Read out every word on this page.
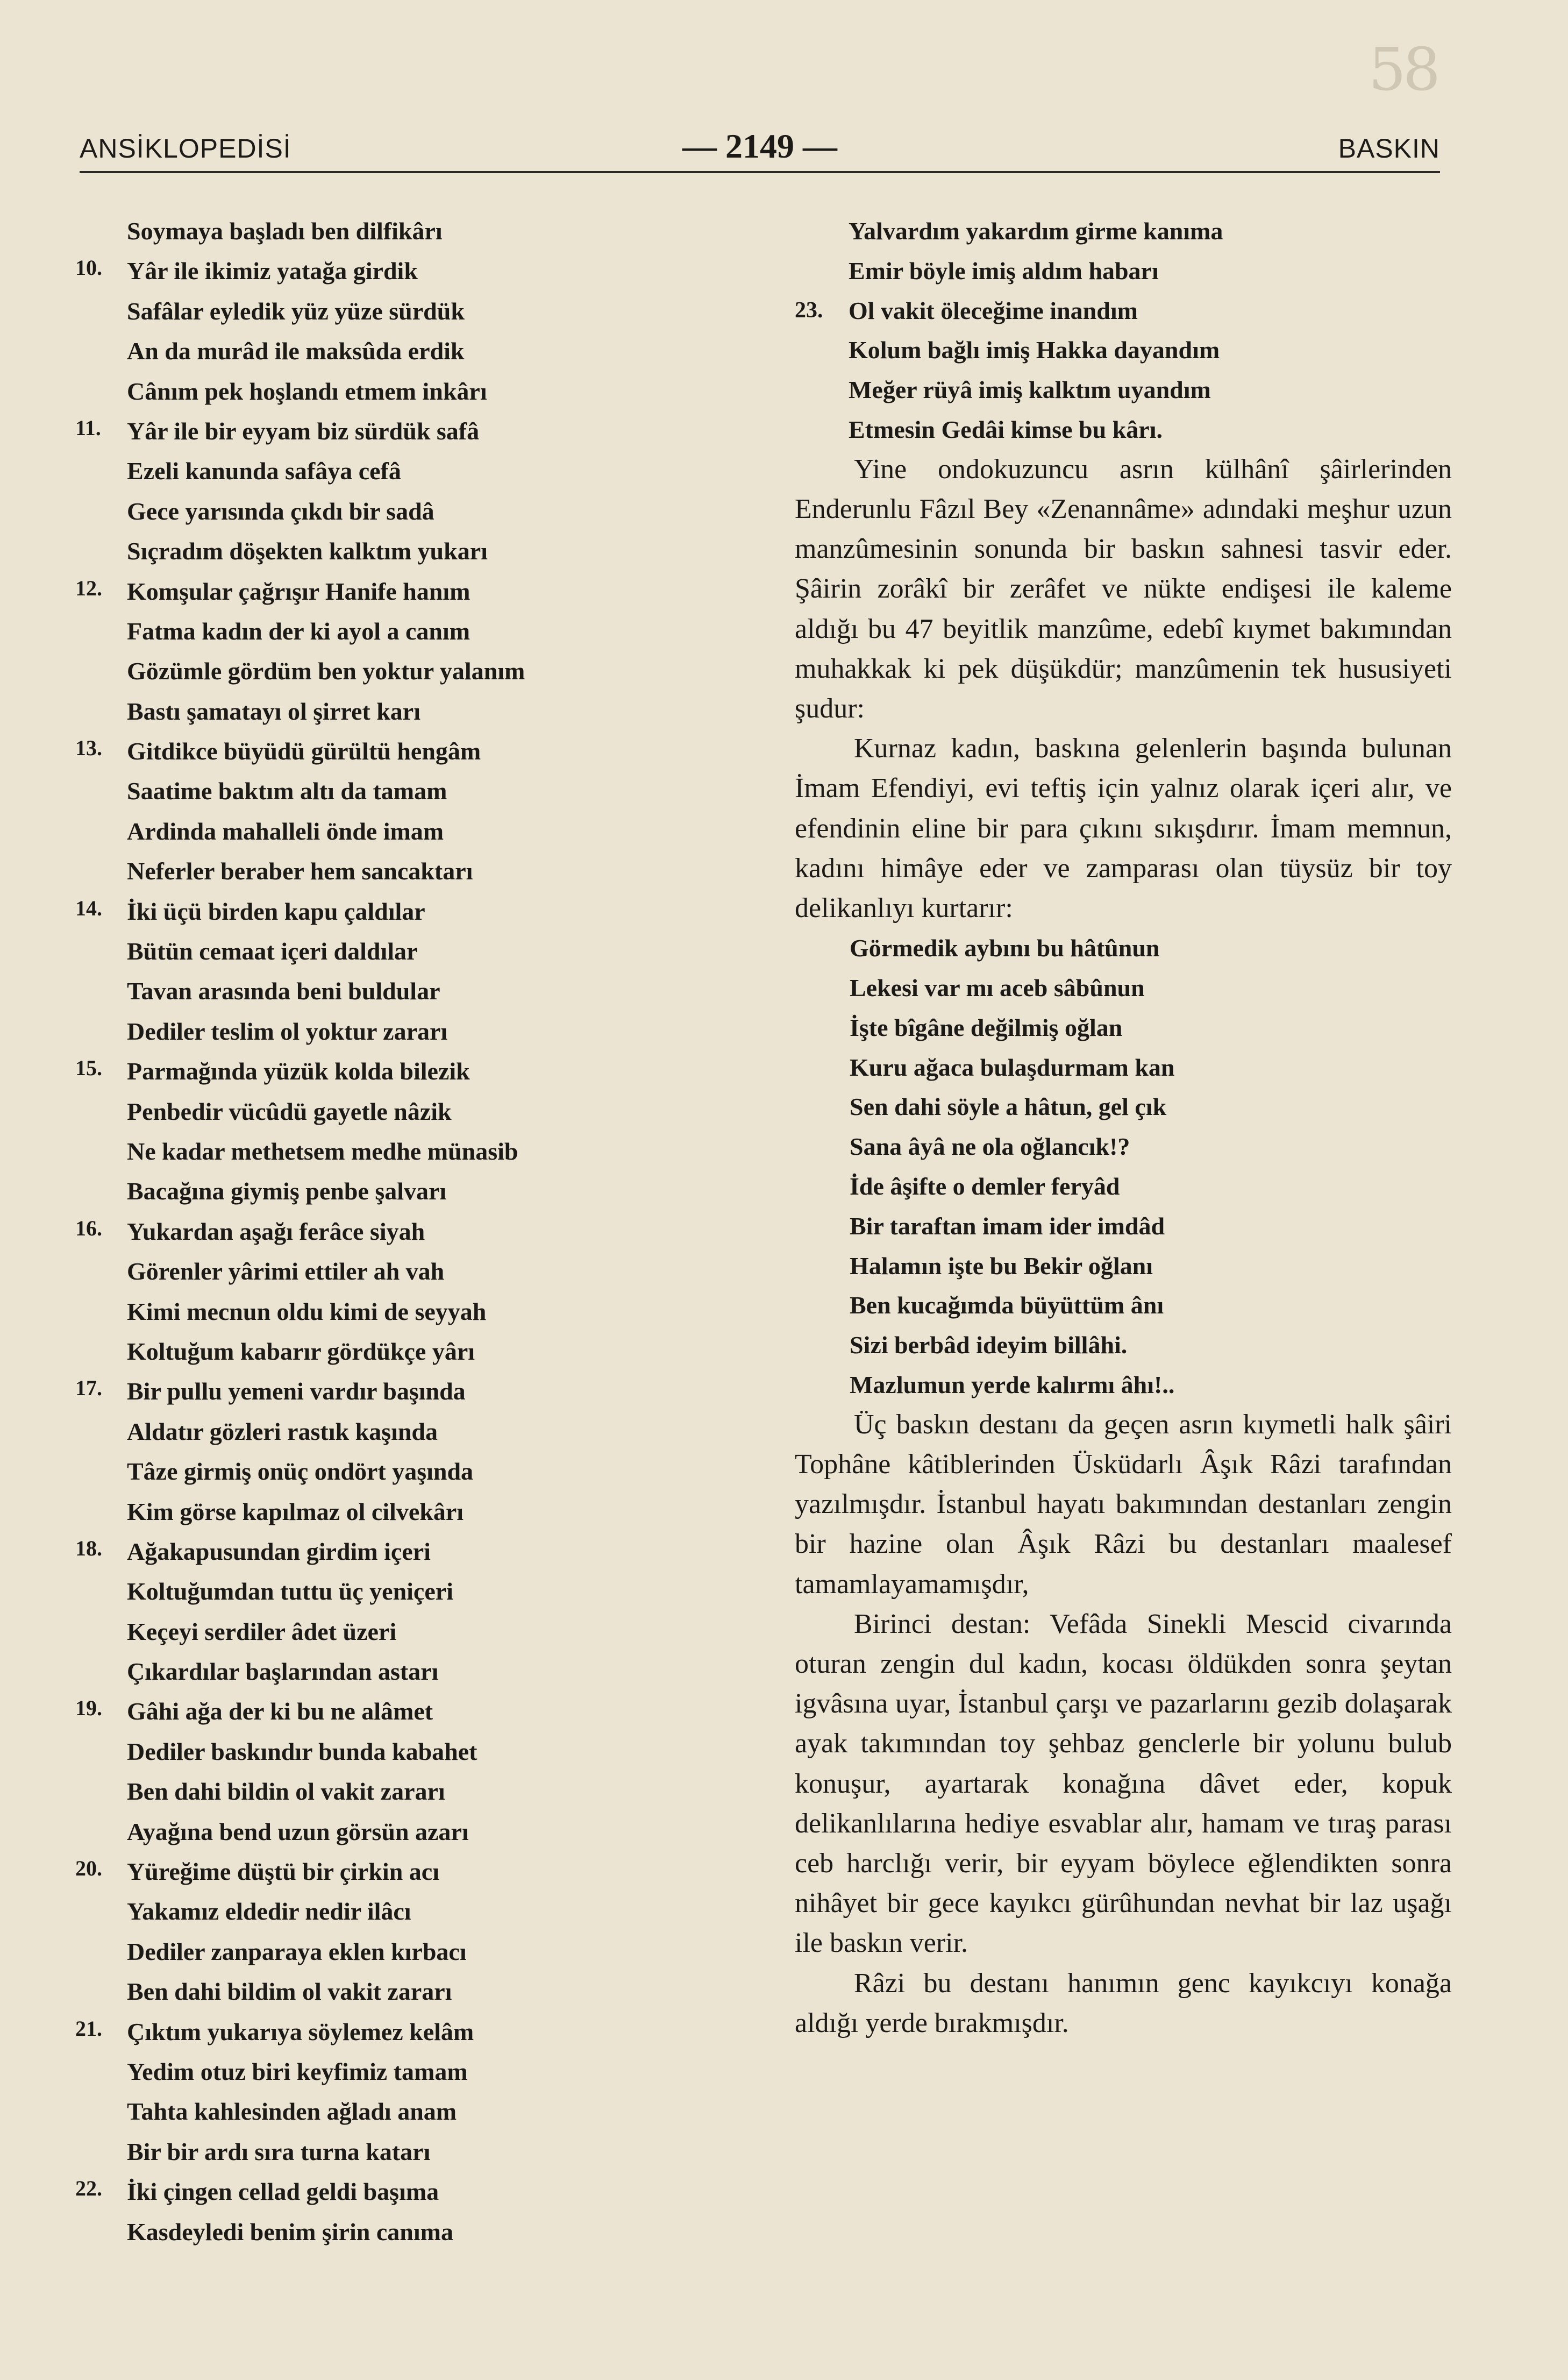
58
ANSİKLOPEDİSİ	— 2149 —	BASKIN
Soymaya başladı ben dilfikârı
10. Yâr ile ikimiz yatağa girdik
Safâlar eyledik yüz yüze sürdük
An da murâd ile maksûda erdik
Cânım pek hoşlandı etmem inkârı
11. Yâr ile bir eyyam biz sürdük safâ
Ezeli kanunda safâya cefâ
Gece yarısında çıkdı bir sadâ
Sıçradım döşekten kalktım yukarı
12. Komşular çağrışır Hanife hanım
Fatma kadın der ki ayol a canım
Gözümle gördüm ben yoktur yalanım
Bastı şamatayı ol şirret karı
13. Gitdikce büyüdü gürültü hengâm
Saatime baktım altı da tamam
Ardinda mahalleli önde imam
Neferler beraber hem sancaktarı
14. İki üçü birden kapu çaldılar
Bütün cemaat içeri daldılar
Tavan arasında beni buldular
Dediler teslim ol yoktur zararı
15. Parmağında yüzük kolda bilezik
Penbedir vücûdü gayetle nâzik
Ne kadar methetsem medhe münasib
Bacağına giymiş penbe şalvarı
16. Yukardan aşağı ferâce siyah
Görenler yârimi ettiler ah vah
Kimi mecnun oldu kimi de seyyah
Koltuğum kabarır gördükçe yârı
17. Bir pullu yemeni vardır başında
Aldatır gözleri rastık kaşında
Tâze girmiş onüç ondört yaşında
Kim görse kapılmaz ol cilvekârı
18. Ağakapusundan girdim içeri
Koltuğumdan tuttu üç yeniçeri
Keçeyi serdiler âdet üzeri
Çıkardılar başlarından astarı
19. Gâhi ağa der ki bu ne alâmet
Dediler baskındır bunda kabahet
Ben dahi bildin ol vakit zararı
Ayağına bend uzun görsün azarı
20. Yüreğime düştü bir çirkin acı
Yakamız eldedir nedir ilâcı
Dediler zanparaya eklen kırbacı
Ben dahi bildim ol vakit zararı
21. Çıktım yukarıya söylemez kelâm
Yedim otuz biri keyfimiz tamam
Tahta kahlesinden ağladı anam
Bir bir ardı sıra turna katarı
22. İki çingen cellad geldi başıma
Kasdeyledi benim şirin canıma
Yalvardım yakardım girme kanıma
Emir böyle imiş aldım habarı
23. Ol vakit öleceğime inandım
Kolum bağlı imiş Hakka dayandım
Meğer rüyâ imiş kalktım uyandım
Etmesin Gedâi kimse bu kârı.

Yine ondokuzuncu asrın külhânî şâirlerinden Enderunlu Fâzıl Bey «Zenannâme» adındaki meşhur uzun manzûmesinin sonunda bir baskın sahnesi tasvir eder. Şâirin zorâkî bir zerâfet ve nükte endişesi ile kaleme aldığı bu 47 beyitlik manzûme, edebî kıymet bakımından muhakkak ki pek düşükdür; manzûmenin tek hususiyeti şudur:

Kurnaz kadın, baskına gelenlerin başında bulunan İmam Efendiyi, evi teftiş için yalnız olarak içeri alır, ve efendinin eline bir para çıkını sıkışdırır. İmam memnun, kadını himâye eder ve zamparası olan tüysüz bir toy delikanlıyı kurtarır:

Görmedik aybını bu hâtûnun
Lekesi var mı aceb sâbûnun
İşte bîgâne değilmiş oğlan
Kuru ağaca bulaşdurmam kan
Sen dahi söyle a hâtun, gel çık
Sana âyâ ne ola oğlancık!?
İde âşifte o demler feryâd
Bir taraftan imam ider imdâd
Halamın işte bu Bekir oğlanı
Ben kucağımda büyüttüm ânı
Sizi berbâd ideyim billâhi.
Mazlumun yerde kalırmı âhı!..

Üç baskın destanı da geçen asrın kıymetli halk şâiri Tophâne kâtiblerinden Üsküdarlı Âşık Râzi tarafından yazılmışdır. İstanbul hayatı bakımından destanları zengin bir hazine olan Âşık Râzi bu destanları maalesef tamamlayamamışdır,

Birinci destan: Vefâda Sinekli Mescid civarında oturan zengin dul kadın, kocası öldükden sonra şeytan igvâsına uyar, İstanbul çarşı ve pazarlarını gezib dolaşarak ayak takımından toy şehbaz genclerle bir yolunu bulub konuşur, ayartarak konağına dâvet eder, kopuk delikanlılarına hediye esvablar alır, hamam ve tıraş parası ceb harclığı verir, bir eyyam böylece eğlendikten sonra nihâyet bir gece kayıkcı gürûhundan nevhat bir laz uşağı ile baskın verir.

Râzi bu destanı hanımın genc kayıkcıyı konağa aldığı yerde bırakmışdır.
